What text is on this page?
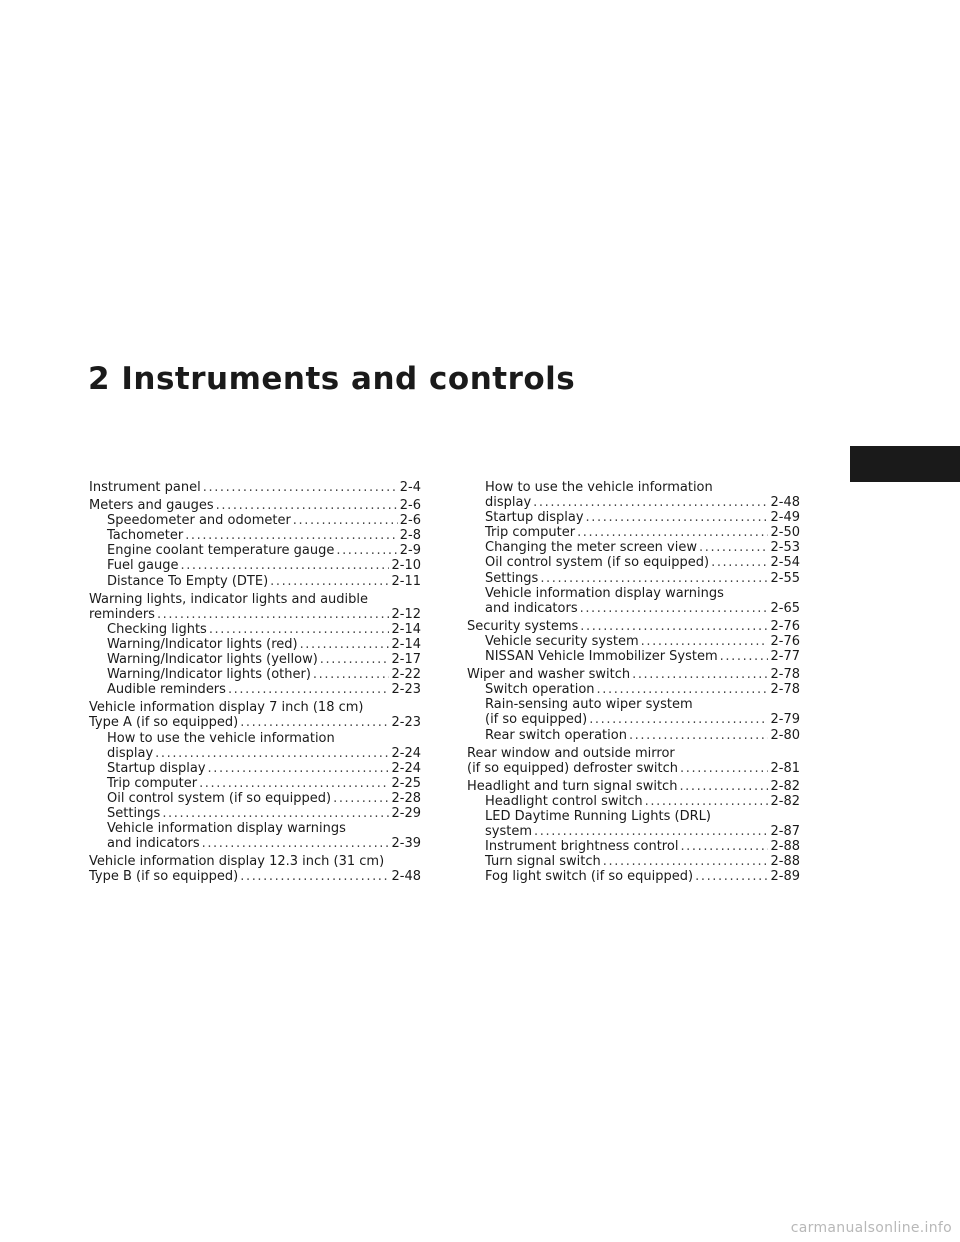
2 Instruments and controls
Instrument panel .....	2-4
Meters and gauges .....	2-6
Speedometer and odometer .....	2-6
Tachometer .....	2-8
Engine coolant temperature gauge .....	2-9
Fuel gauge .....	2-10
Distance To Empty (DTE) .....	2-11
Warning lights, indicator lights and audible
reminders .....	2-12
Checking lights .....	2-14
Warning/Indicator lights (red) .....	2-14
Warning/Indicator lights (yellow) .....	2-17
Warning/Indicator lights (other) .....	2-22
Audible reminders .....	2-23
Vehicle information display 7 inch (18 cm)
Type A (if so equipped) .....	2-23
How to use the vehicle information
display .....	2-24
Startup display .....	2-24
Trip computer .....	2-25
Oil control system (if so equipped) .....	2-28
Settings .....	2-29
Vehicle information display warnings
and indicators .....	2-39
Vehicle information display 12.3 inch (31 cm)
Type B (if so equipped) .....	2-48
How to use the vehicle information
display .....	2-48
Startup display .....	2-49
Trip computer .....	2-50
Changing the meter screen view .....	2-53
Oil control system (if so equipped) .....	2-54
Settings .....	2-55
Vehicle information display warnings
and indicators .....	2-65
Security systems .....	2-76
Vehicle security system .....	2-76
NISSAN Vehicle Immobilizer System .....	2-77
Wiper and washer switch .....	2-78
Switch operation .....	2-78
Rain-sensing auto wiper system
(if so equipped) .....	2-79
Rear switch operation .....	2-80
Rear window and outside mirror
(if so equipped) defroster switch .....	2-81
Headlight and turn signal switch .....	2-82
Headlight control switch .....	2-82
LED Daytime Running Lights (DRL)
system .....	2-87
Instrument brightness control .....	2-88
Turn signal switch .....	2-88
Fog light switch (if so equipped) .....	2-89
carmanualsonline.info
